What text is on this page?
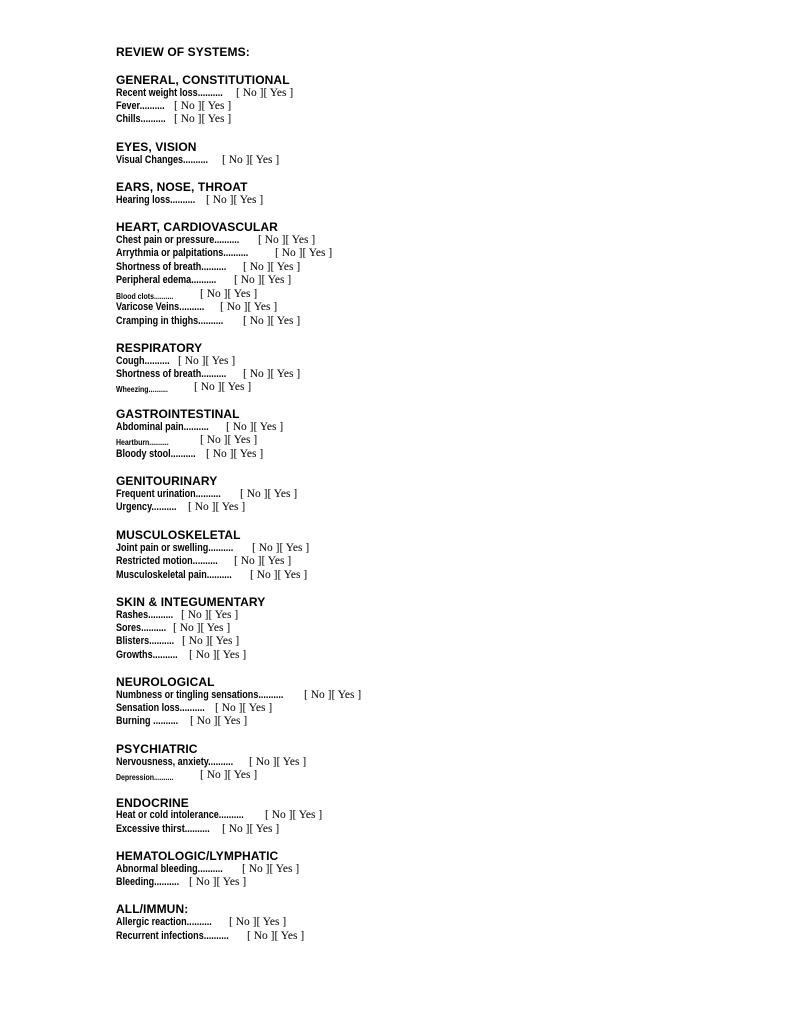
REVIEW OF SYSTEMS:
GENERAL, CONSTITUTIONAL
Recent weight loss.......... [ No ][ Yes ]
Fever.......... [ No ][ Yes ]
Chills.......... [ No ][ Yes ]
EYES, VISION
Visual Changes.......... [ No ][ Yes ]
EARS, NOSE, THROAT
Hearing loss.......... [ No ][ Yes ]
HEART, CARDIOVASCULAR
Chest pain or pressure.......... [ No ][ Yes ]
Arrythmia or palpitations.......... [ No ][ Yes ]
Shortness of breath.......... [ No ][ Yes ]
Peripheral edema.......... [ No ][ Yes ]
Blood clots.......... [ No ][ Yes ]
Varicose Veins.......... [ No ][ Yes ]
Cramping in thighs.......... [ No ][ Yes ]
RESPIRATORY
Cough.......... [ No ][ Yes ]
Shortness of breath.......... [ No ][ Yes ]
Wheezing.......... [ No ][ Yes ]
GASTROINTESTINAL
Abdominal pain.......... [ No ][ Yes ]
Heartburn..........	[ No ][ Yes ]
Bloody stool.......... [ No ][ Yes ]
GENITOURINARY
Frequent urination.......... [ No ][ Yes ]
Urgency.......... [ No ][ Yes ]
MUSCULOSKELETAL
Joint pain or swelling.......... [ No ][ Yes ]
Restricted motion.......... [ No ][ Yes ]
Musculoskeletal pain.......... [ No ][ Yes ]
SKIN & INTEGUMENTARY
Rashes.......... [ No ][ Yes ]
Sores.......... [ No ][ Yes ]
Blisters.......... [ No ][ Yes ]
Growths.......... [ No ][ Yes ]
NEUROLOGICAL
Numbness or tingling sensations.......... [ No ][ Yes ]
Sensation loss.......... [ No ][ Yes ]
Burning .......... [ No ][ Yes ]
PSYCHIATRIC
Nervousness, anxiety.......... [ No ][ Yes ]
Depression.......... [ No ][ Yes ]
ENDOCRINE
Heat or cold intolerance.......... [ No ][ Yes ]
Excessive thirst.......... [ No ][ Yes ]
HEMATOLOGIC/LYMPHATIC
Abnormal bleeding.......... [ No ][ Yes ]
Bleeding.......... [ No ][ Yes ]
ALL/IMMUN:
Allergic reaction.......... [ No ][ Yes ]
Recurrent infections.......... [ No ][ Yes ]
